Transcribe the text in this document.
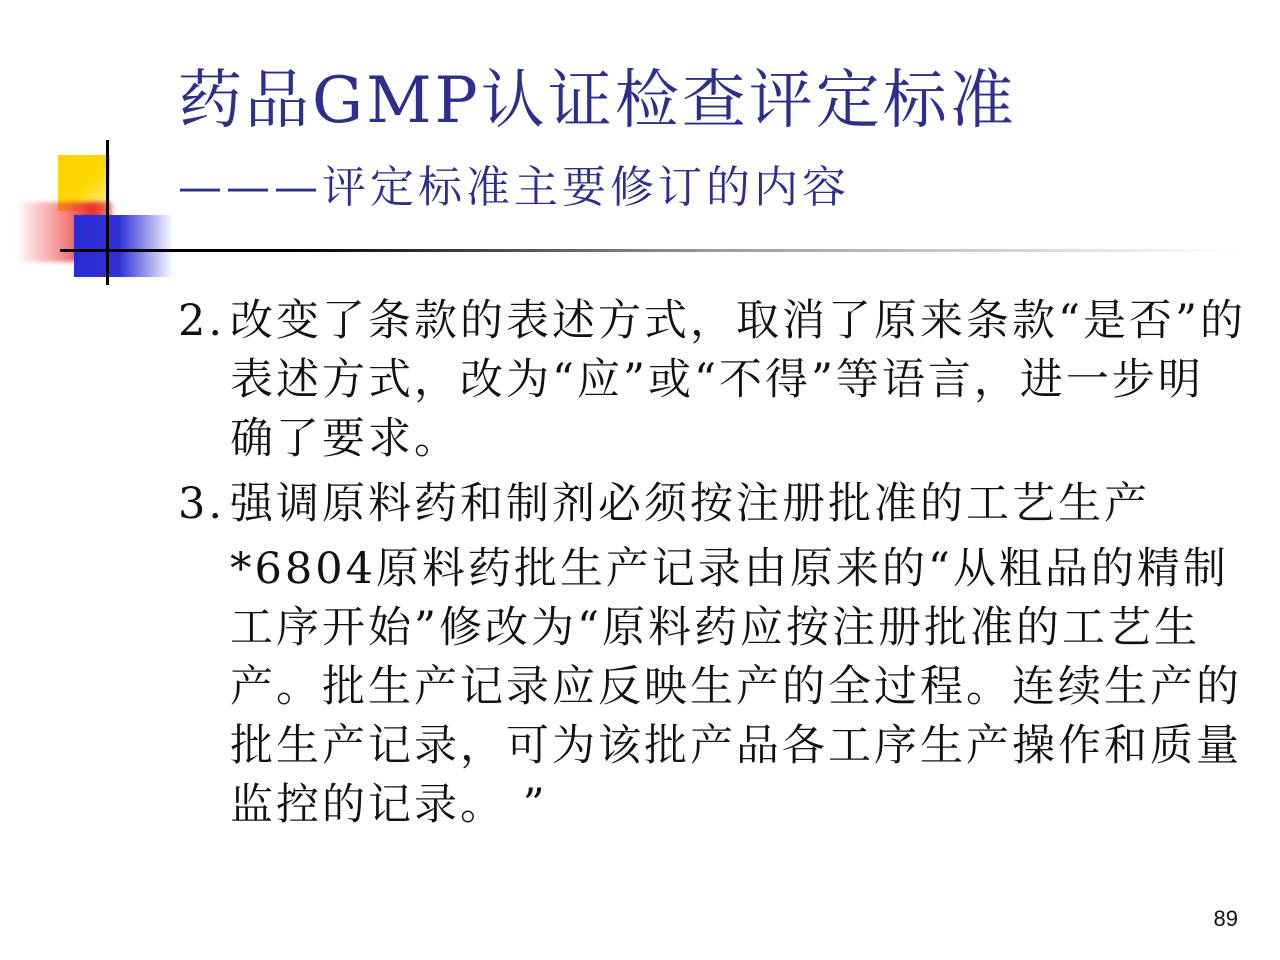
药品GMP认证检查评定标准
———评定标准主要修订的内容
2. 改变了条款的表述方式，取消了原来条款“是否”的表述方式，改为“应”或“不得”等语言，进一步明确了要求。
3. 强调原料药和制剂必须按注册批准的工艺生产

*6804原料药批生产记录由原来的“从粗品的精制工序开始”修改为“原料药应按注册批准的工艺生产。批生产记录应反映生产的全过程。连续生产的批生产记录，可为该批产品各工序生产操作和质量监控的记录。 ”

89
